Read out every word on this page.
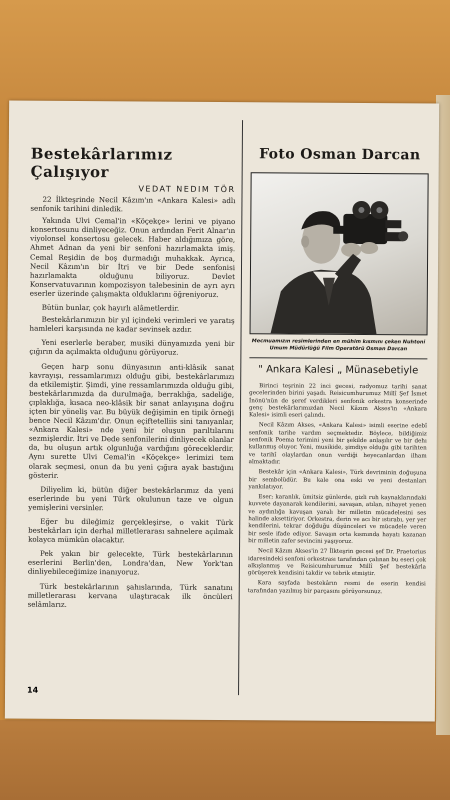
Bestekârlarımız
Çalışıyor
VEDAT NEDIM TÖR

22 İlkteşrinde Necil Kâzım'ın «Ankara Kalesi» adlı senfonik tarihini dinledik.

Yakında Ulvi Cemal'in «Köçekçe» lerini ve piyano konsertosunu dinliyeceğiz. Onun ardından Ferit Alnar'ın viyolonsel konsertosu gelecek. Haber aldığımıza göre, Ahmet Adnan da yeni bir senfoni hazırlamakta imiş. Cemal Reşidin de boş durmadığı muhakkak. Ayrıca, Necil Kâzım'ın bir İtri ve bir Dede senfonisi hazırlamakta olduğunu biliyoruz. Devlet Konservatuvarının kompozisyon talebesinin de ayrı ayrı eserler üzerinde çalışmakta olduklarını öğreniyoruz.

Bütün bunlar, çok hayırlı alâmetlerdir.

Bestekârlarımızın bir yıl içindeki verimleri ve yaratış hamleleri karşısında ne kadar sevinsek azdır.

Yeni eserlerle beraber, musiki dünyamızda yeni bir çığırın da açılmakta olduğunu görüyoruz.

Geçen harp sonu dünyasının anti-klâsik sanat kavrayışı, ressamlarımızı olduğu gibi, bestekârlarımızı da etkilemiştir. Şimdi, yine ressamlarımızda olduğu gibi, bestekârlarımızda da durulmağa, berraklığa, sadeliğe, çıplaklığa, kısaca neo-klâsik bir sanat anlayışına doğru içten bir yöneliş var. Bu büyük değişimin en tipik örneği bence Necil Kâzım'dır. Onun eçiftetelliis sini tanıyanlar, «Ankara Kalesi» nde yeni bir oluşun parıltılarını sezmişlerdir. İtri ve Dede senfonilerini dinliyecek olanlar da, bu oluşun artık olgunluğa vardığını göreceklerdir. Aynı surette Ulvi Cemal'in «Köçekçe» lerimizi tem olarak seçmesi, onun da bu yeni çığıra ayak bastığını gösterir.

Diliyelim ki, bütün diğer bestekârlarımız da yeni eserlerinde bu yeni Türk okulunun taze ve olgun yemişlerini versinler.

Eğer bu dileğimiz gerçekleşirse, o vakit Türk bestekârları için derhal milletlerarası sahnelere açılmak kolayca mümkün olacaktır.

Pek yakın bir gelecekte, Türk bestekârlarının eserlerini Berlin'den, Londra'dan, New York'tan dinliyebileceğimize inanıyoruz.

Türk bestekârlarının şahıslarında, Türk sanatını milletlerarası kervana ulaştıracak ilk öncüleri selâmlarız.

Foto Osman Darcan
Mecmuamızın resimlerinden en mühim kısmını çeken Nuhtoni Umum Müdürlüğü Film Operatörü Osman Darcan
" Ankara Kalesi „ Münasebetiyle

Birinci teşrinin 22 inci gecesi, radyomuz tarihi sanat gecelerinden birini yaşadı. Reisicumhurumuz Millî Şef İsmet İnönü'nün de şeref verdikleri senfonik orkestra konserinde genç bestekârlarımızdan Necil Kâzım Akses'in «Ankara Kalesi» isimli eseri çalındı.

Necil Kâzım Akses, «Ankara Kalesi» isimli eserine edebî senfonik tarihe vardım seçmektedir. Böylece, bildiğimiz senfonik Poema terimini yeni bir şekilde anlaşılır ve bir dehı kullanmış oluyor. Yeni, musikide, şimdiye olduğu gibi tarihten ve tarihî olaylardan onun verdiği heyecanlardan ilham almaktadır.

Bestekâr için «Ankara Kalesi», Türk devriminin doğuşuna bir sembolüdür. Bu kale ona eski ve yeni destanları yankılatıyor.

Eser; karanlık, ümitsiz günlerde, gizli ruh kaynaklarındaki kuvvete dayanarak kendilerini, savaşan, atılan, nihayet yenen ve aydınlığa kavuşan yaralı bir milletin mücadelesini ses halinde aksettiriyor. Orkestra, derin ve acı bir ıstırabı, yer yer kendilerini, tekrar doğduğu düşünceleri ve mücadele veren bir sesle ifade ediyor. Savaşın orta kısmında hayatı kazanan bir milletin zafer sevincini yaşıyoruz.

Necil Kâzım Akses'in 27 İlkteşrin gecesi şef Dr. Praetorius idaresindeki senfoni orkestrası tarafından çalınan bu eseri çok alkışlanmış ve Reisicumhurumuz Millî Şef bestekârla görüşerek kendisini takdir ve tebrik etmiştir.

Kara sayfada bestekârın resmi de eserin kendisi tarafından yazılmış bir parçasını görüyorsunuz.

14
